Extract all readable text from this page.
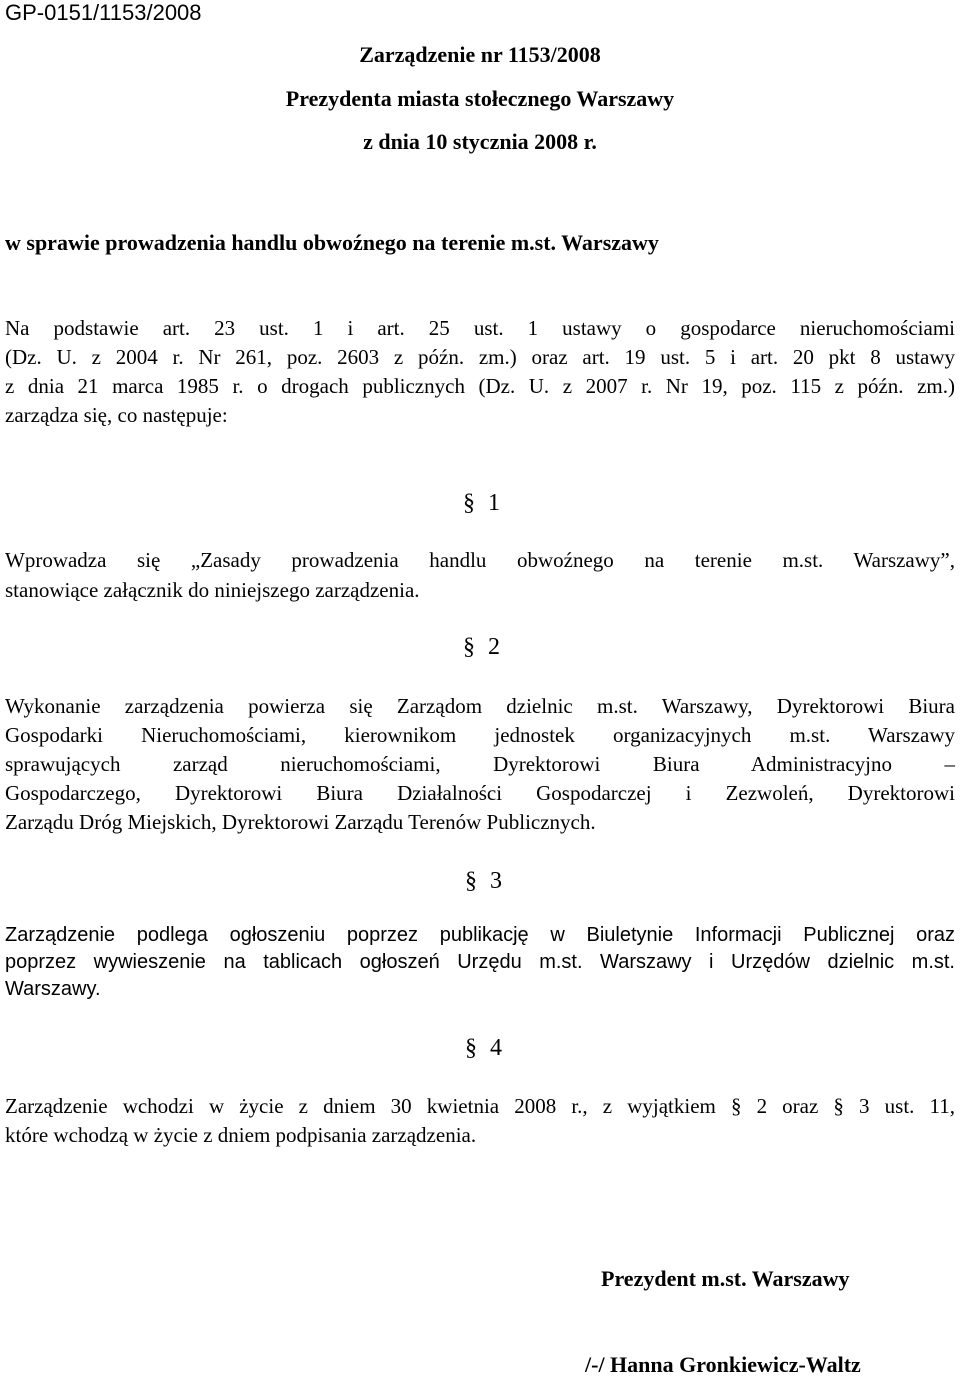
GP-0151/1153/2008
Zarządzenie nr 1153/2008
Prezydenta miasta stołecznego Warszawy
z dnia 10 stycznia 2008 r.
w sprawie prowadzenia handlu obwoźnego na terenie m.st. Warszawy

Na podstawie art. 23 ust. 1 i art. 25 ust. 1 ustawy o gospodarce nieruchomościami

(Dz. U. z 2004 r. Nr 261, poz. 2603 z późn. zm.) oraz art. 19 ust. 5 i art. 20 pkt 8 ustawy

z dnia 21 marca 1985 r. o drogach publicznych (Dz. U. z 2007 r. Nr 19, poz. 115 z późn. zm.)

zarządza się, co następuje:

§ 1

Wprowadza się „Zasady prowadzenia handlu obwoźnego na terenie m.st. Warszawy”,

stanowiące załącznik do niniejszego zarządzenia.

§ 2

Wykonanie zarządzenia powierza się Zarządom dzielnic m.st. Warszawy, Dyrektorowi Biura

Gospodarki Nieruchomościami, kierownikom jednostek organizacyjnych m.st. Warszawy

sprawujących zarząd nieruchomościami, Dyrektorowi Biura Administracyjno –

Gospodarczego, Dyrektorowi Biura Działalności Gospodarczej i Zezwoleń, Dyrektorowi

Zarządu Dróg Miejskich, Dyrektorowi Zarządu Terenów Publicznych.

§ 3

Zarządzenie podlega ogłoszeniu poprzez publikację w Biuletynie Informacji Publicznej oraz

poprzez wywieszenie na tablicach ogłoszeń Urzędu m.st. Warszawy i Urzędów dzielnic m.st.

Warszawy.

§ 4

Zarządzenie wchodzi w życie z dniem 30 kwietnia 2008 r., z wyjątkiem § 2 oraz § 3 ust. 11,

które wchodzą w życie z dniem podpisania zarządzenia.

Prezydent m.st. Warszawy
/-/ Hanna Gronkiewicz-Waltz
